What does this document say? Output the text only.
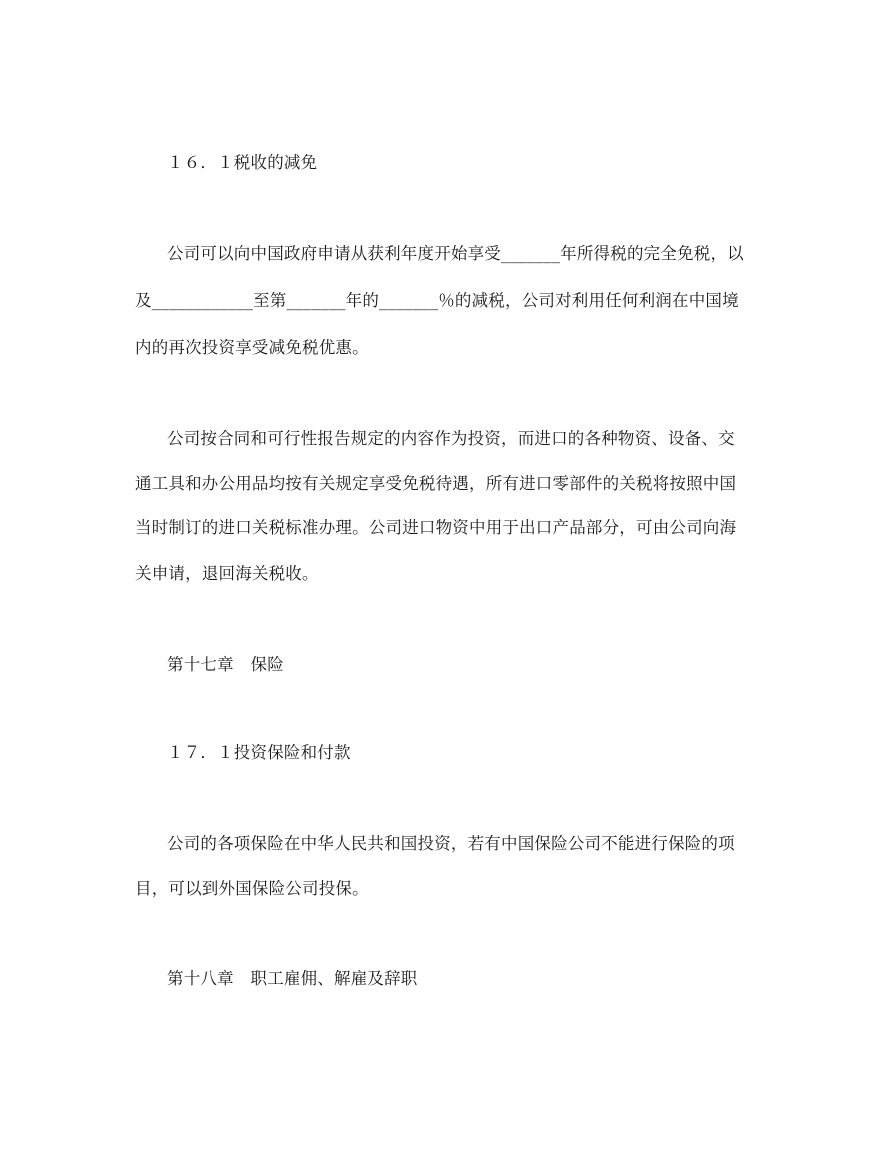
１６．１税收的减免
公司可以向中国政府申请从获利年度开始享受_______年所得税的完全免税，以
及____________至第_______年的_______％的减税，公司对利用任何利润在中国境
内的再次投资享受减免税优惠。
公司按合同和可行性报告规定的内容作为投资，而进口的各种物资、设备、交
通工具和办公用品均按有关规定享受免税待遇，所有进口零部件的关税将按照中国
当时制订的进口关税标准办理。公司进口物资中用于出口产品部分，可由公司向海
关申请，退回海关税收。
第十七章　保险
１７．１投资保险和付款
公司的各项保险在中华人民共和国投资，若有中国保险公司不能进行保险的项
目，可以到外国保险公司投保。
第十八章　职工雇佣、解雇及辞职
